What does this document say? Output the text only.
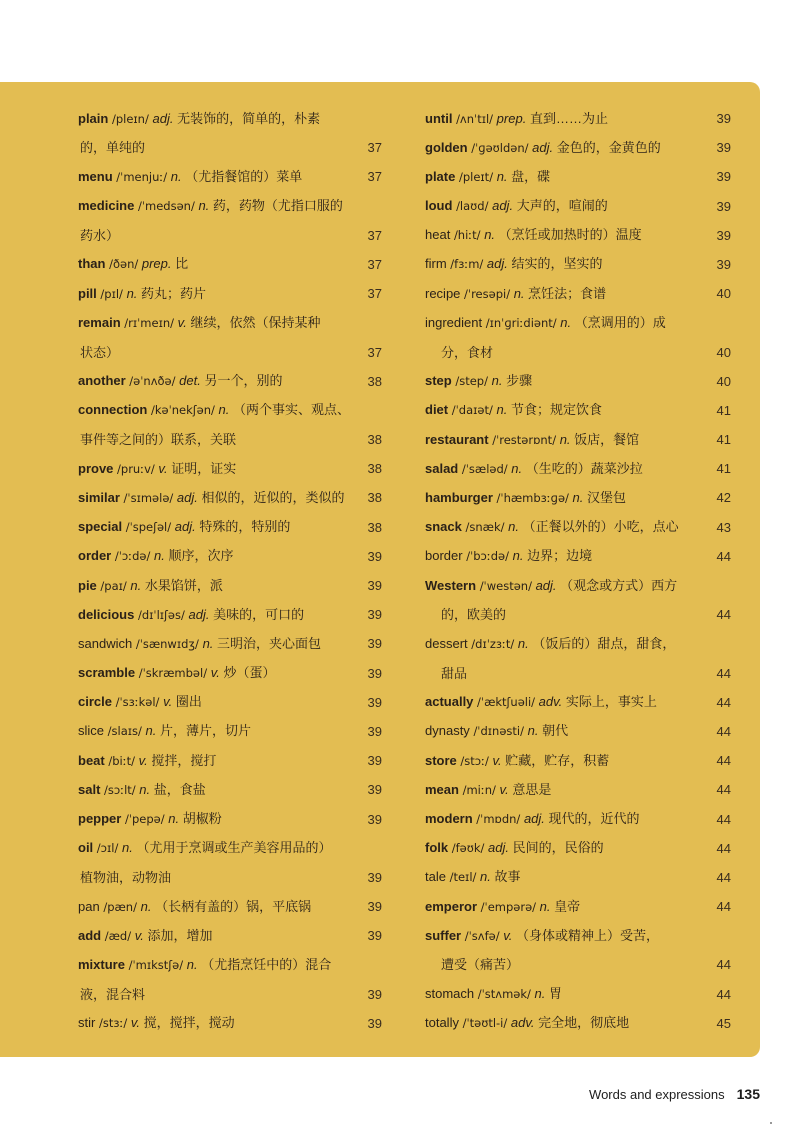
plain /pleɪn/ adj. 无装饰的，简单的，朴素
的，单纯的	37
menu /ˈmenjuː/ n. （尤指餐馆的）菜单	37
medicine /ˈmedsən/ n. 药，药物（尤指口服的
药水）	37
than /ðən/ prep. 比	37
pill /pɪl/ n. 药丸；药片	37
remain /rɪˈmeɪn/ v. 继续，依然（保持某种
状态）	37
another /əˈnʌðə/ det. 另一个，别的	38
connection /kəˈnekʃən/ n. （两个事实、观点、
事件等之间的）联系，关联	38
prove /pruːv/ v. 证明，证实	38
similar /ˈsɪmələ/ adj. 相似的，近似的，类似的 38
special /ˈspeʃəl/ adj. 特殊的，特别的	38
order /ˈɔːdə/ n. 顺序，次序	39
pie /paɪ/ n. 水果馅饼，派	39
delicious /dɪˈlɪʃəs/ adj. 美味的，可口的	39
sandwich /ˈsænwɪdʒ/ n. 三明治，夹心面包	39
scramble /ˈskræmbəl/ v. 炒（蛋）	39
circle /ˈsɜːkəl/ v. 圈出	39
slice /slaɪs/ n. 片，薄片，切片	39
beat /biːt/ v. 搅拌，搅打	39
salt /sɔːlt/ n. 盐，食盐	39
pepper /ˈpepə/ n. 胡椒粉	39
oil /ɔɪl/ n. （尤用于烹调或生产美容用品的）
植物油，动物油	39
pan /pæn/ n. （长柄有盖的）锅，平底锅	39
add /æd/ v. 添加，增加	39
mixture /ˈmɪkstʃə/ n. （尤指烹饪中的）混合
液，混合料	39
stir /stɜː/ v. 搅，搅拌，搅动	39
until /ʌnˈtɪl/ prep. 直到……为止	39
golden /ˈɡəʊldən/ adj. 金色的，金黄色的	39
plate /pleɪt/ n. 盘，碟	39
loud /laʊd/ adj. 大声的，喧闹的	39
heat /hiːt/ n. （烹饪或加热时的）温度	39
firm /fɜːm/ adj. 结实的，坚实的	39
recipe /ˈresəpi/ n. 烹饪法；食谱	40
ingredient /ɪnˈɡriːdiənt/ n. （烹调用的）成
分，食材	40
step /step/ n. 步骤	40
diet /ˈdaɪət/ n. 节食；规定饮食	41
restaurant /ˈrestərɒnt/ n. 饭店，餐馆	41
salad /ˈsæləd/ n. （生吃的）蔬菜沙拉	41
hamburger /ˈhæmbɜːɡə/ n. 汉堡包	42
snack /snæk/ n. （正餐以外的）小吃，点心	43
border /ˈbɔːdə/ n. 边界；边境	44
Western /ˈwestən/ adj. （观念或方式）西方
的，欧美的	44
dessert /dɪˈzɜːt/ n. （饭后的）甜点，甜食，
甜品	44
actually /ˈæktʃuəli/ adv. 实际上，事实上	44
dynasty /ˈdɪnəsti/ n. 朝代	44
store /stɔː/ v. 贮藏，贮存，积蓄	44
mean /miːn/ v. 意思是	44
modern /ˈmɒdn/ adj. 现代的，近代的	44
folk /fəʊk/ adj. 民间的，民俗的	44
tale /teɪl/ n. 故事	44
emperor /ˈempərə/ n. 皇帝	44
suffer /ˈsʌfə/ v. （身体或精神上）受苦，
遭受（痛苦）	44
stomach /ˈstʌmək/ n. 胃	44
totally /ˈtəʊtl-i/ adv. 完全地，彻底地	45
Words and expressions 135
